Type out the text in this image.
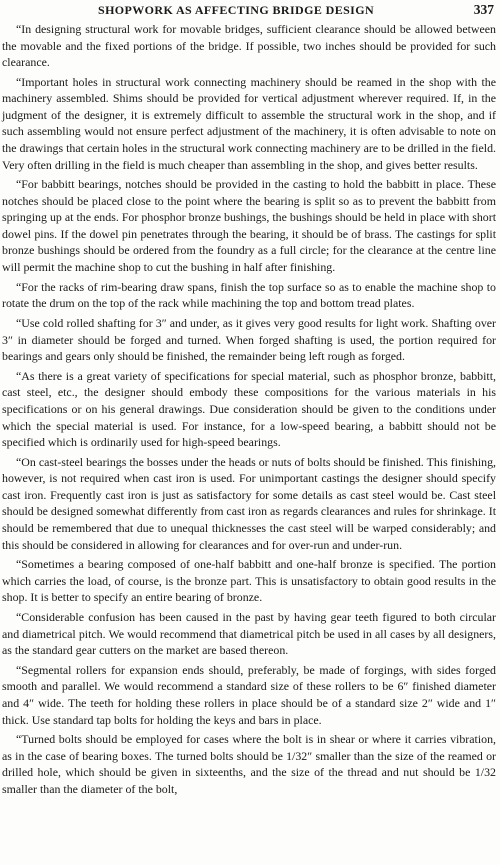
SHOPWORK AS AFFECTING BRIDGE DESIGN	337

“In designing structural work for movable bridges, sufficient clearance should be allowed between the movable and the fixed portions of the bridge. If possible, two inches should be provided for such clearance.

“Important holes in structural work connecting machinery should be reamed in the shop with the machinery assembled. Shims should be provided for vertical adjustment wherever required. If, in the judgment of the designer, it is extremely difficult to assemble the structural work in the shop, and if such assembling would not ensure perfect adjustment of the machinery, it is often advisable to note on the drawings that certain holes in the structural work connecting machinery are to be drilled in the field. Very often drilling in the field is much cheaper than assembling in the shop, and gives better results.

“For babbitt bearings, notches should be provided in the casting to hold the babbitt in place. These notches should be placed close to the point where the bearing is split so as to prevent the babbitt from springing up at the ends. For phosphor bronze bushings, the bushings should be held in place with short dowel pins. If the dowel pin penetrates through the bearing, it should be of brass. The castings for split bronze bushings should be ordered from the foundry as a full circle; for the clearance at the centre line will permit the machine shop to cut the bushing in half after finishing.

“For the racks of rim-bearing draw spans, finish the top surface so as to enable the machine shop to rotate the drum on the top of the rack while machining the top and bottom tread plates.

“Use cold rolled shafting for 3″ and under, as it gives very good results for light work. Shafting over 3″ in diameter should be forged and turned. When forged shafting is used, the portion required for bearings and gears only should be finished, the remainder being left rough as forged.

“As there is a great variety of specifications for special material, such as phosphor bronze, babbitt, cast steel, etc., the designer should embody these compositions for the various materials in his specifications or on his general drawings. Due consideration should be given to the conditions under which the special material is used. For instance, for a low-speed bearing, a babbitt should not be specified which is ordinarily used for high-speed bearings.

“On cast-steel bearings the bosses under the heads or nuts of bolts should be finished. This finishing, however, is not required when cast iron is used. For unimportant castings the designer should specify cast iron. Frequently cast iron is just as satisfactory for some details as cast steel would be. Cast steel should be designed somewhat differently from cast iron as regards clearances and rules for shrinkage. It should be remembered that due to unequal thicknesses the cast steel will be warped considerably; and this should be considered in allowing for clearances and for over-run and under-run.

“Sometimes a bearing composed of one-half babbitt and one-half bronze is specified. The portion which carries the load, of course, is the bronze part. This is unsatisfactory to obtain good results in the shop. It is better to specify an entire bearing of bronze.

“Considerable confusion has been caused in the past by having gear teeth figured to both circular and diametrical pitch. We would recommend that diametrical pitch be used in all cases by all designers, as the standard gear cutters on the market are based thereon.

“Segmental rollers for expansion ends should, preferably, be made of forgings, with sides forged smooth and parallel. We would recommend a standard size of these rollers to be 6″ finished diameter and 4″ wide. The teeth for holding these rollers in place should be of a standard size 2″ wide and 1″ thick. Use standard tap bolts for holding the keys and bars in place.

“Turned bolts should be employed for cases where the bolt is in shear or where it carries vibration, as in the case of bearing boxes. The turned bolts should be 1/32″ smaller than the size of the reamed or drilled hole, which should be given in sixteenths, and the size of the thread and nut should be 1/32 smaller than the diameter of the bolt,
